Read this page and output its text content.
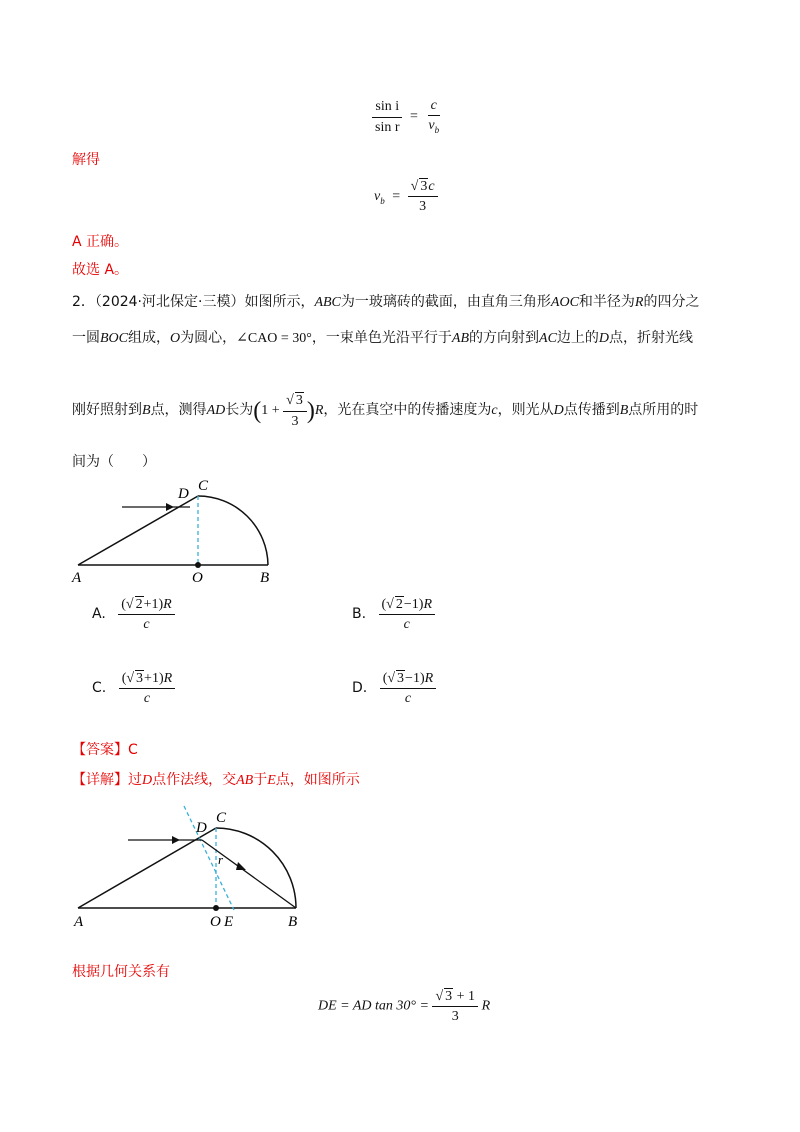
$\frac{\text{sin i}}{\text{sin r}} = \frac{c}{v_b}$
解得
$v_b = \frac{√ 3c}{3}$
A 正确。
故选 A。
2．（2024·河北保定·三模）如图所示，ABC为一玻璃砖的截面，由直角三角形AOC和半径为R的四分之
一圆BOC组成，O为圆心，∠CAO = 30°，一束单色光沿平行于AB的方向射到AC边上的D点，折射光线
刚好照射到B点，测得AD长为$(1 + \frac{√ 3}{3} )R$，光在真空中的传播速度为c，则光从D点传播到B点所用的时
间为（　　）
A	O	B
C
D
A. $\frac{(√ 2+1)R}{c}$	B. $\frac{(√ 2-1)R}{c}$
C. $\frac{(√ 3+1)R}{c}$	D. $\frac{(√ 3-1)R}{c}$
【答案】C
【详解】过D点作法线，交AB于E点，如图所示
A	O E	B
C
D
r
根据几何关系有
DE = AD $\tan 30^\circ = \frac{√ 3 + 1}{3}$ R
